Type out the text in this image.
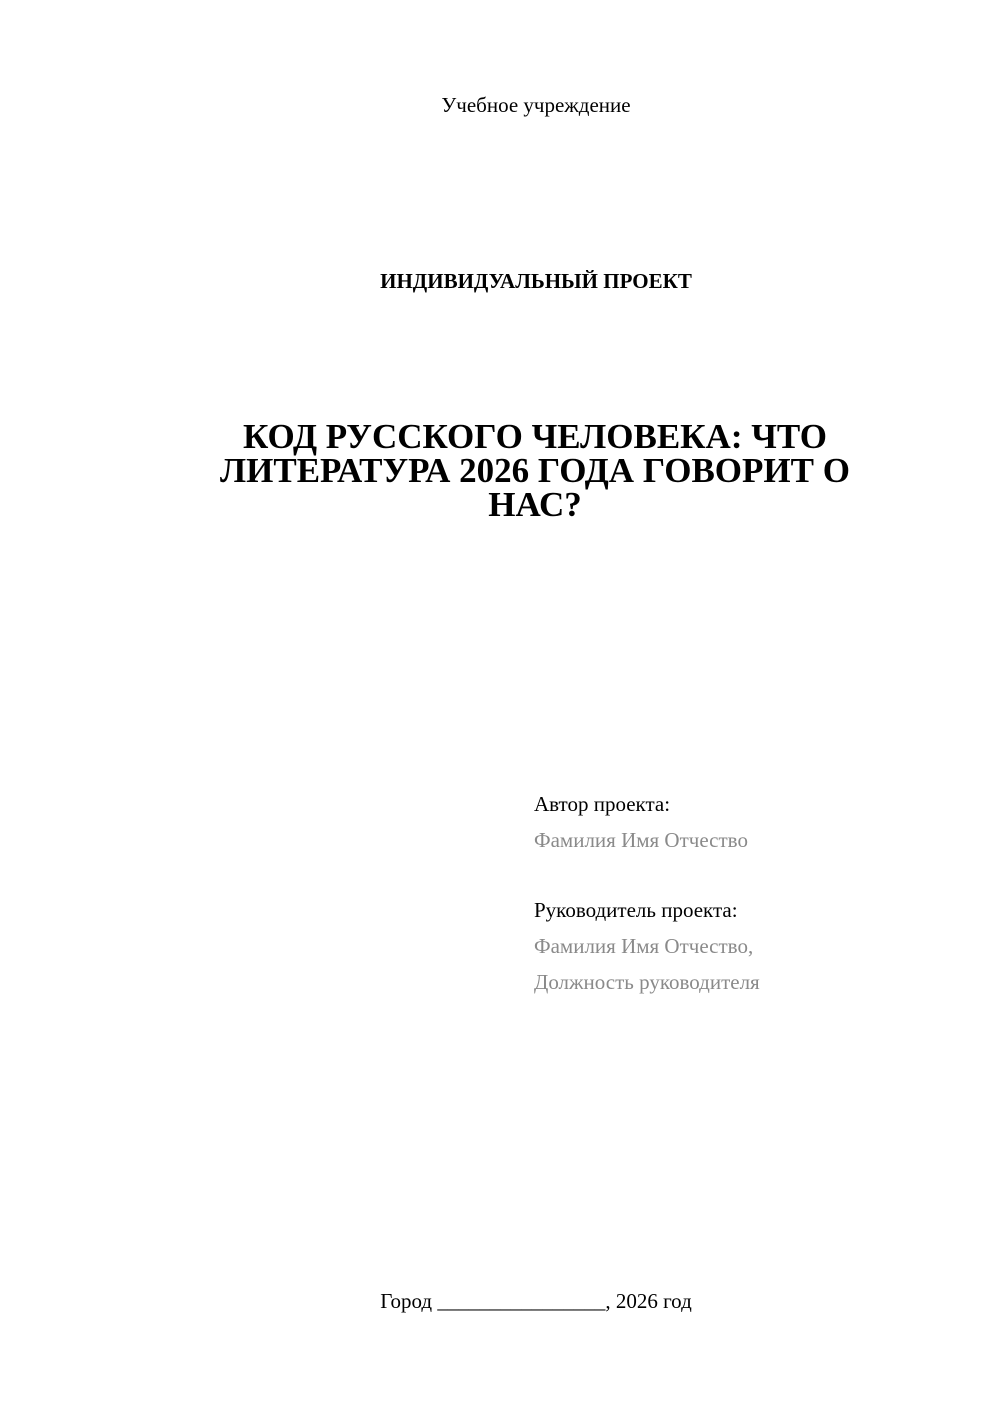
Учебное учреждение
ИНДИВИДУАЛЬНЫЙ ПРОЕКТ
КОД РУССКОГО ЧЕЛОВЕКА: ЧТО
ЛИТЕРАТУРА 2026 ГОДА ГОВОРИТ О
НАС?
Автор проекта:
Фамилия Имя Отчество
Руководитель проекта:
Фамилия Имя Отчество,
Должность руководителя
Город ________________, 2026 год
